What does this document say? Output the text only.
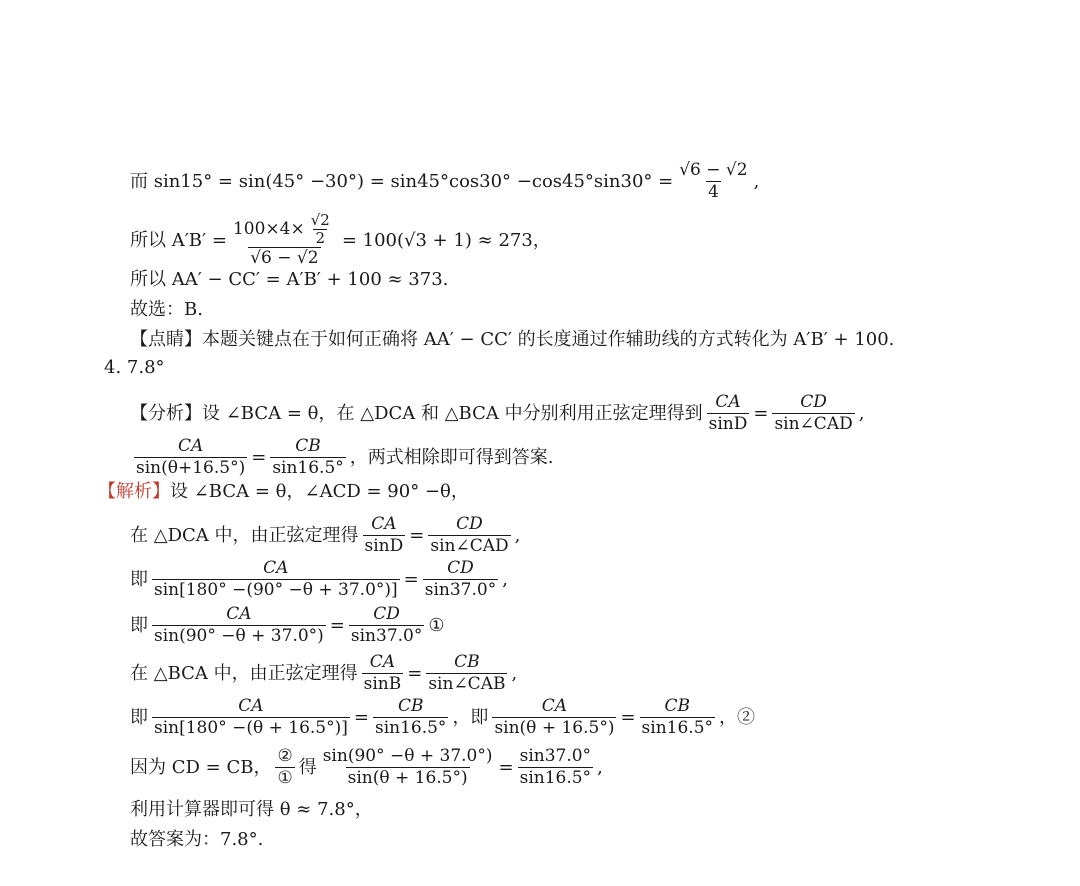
而 $\sin 15^\circ = \sin(45^\circ -30^\circ) = \sin 45^\circ\cos 30^\circ -\cos 45^\circ\sin 30^\circ = \frac{√6 - √2}{4}$ ,
所以 $A'B' = \frac{100\times 4\times \frac{√2}{2}}{√6 - √2} = 100(√3 + 1) \approx 273$，
所以 AA′ − CC′ = A′B′ + 100 ≈ 373.
故选：B.
【点睛】本题关键点在于如何正确将 AA′ − CC′ 的长度通过作辅助线的方式转化为 A′B′ + 100.
4. 7.8°
【分析】设 ∠BCA = θ，在 △DCA 和 △BCA 中分别利用正弦定理得到 $\frac{CA}{\sin D} = \frac{CD}{\text{sin∠CAD}}$ ,
$\frac{CA}{\sin(\theta+16.5^\circ)} = \frac{CB}{\sin 16.5^\circ}$ ，两式相除即可得到答案.
【解析】 设 ∠BCA = θ，∠ACD = 90° −θ，
在 △DCA 中，由正弦定理得 $\frac{CA}{\sin D} = \frac{CD}{\text{sin∠CAD}}$ ,
即 $\frac{CA}{\sin[180^\circ -(90^\circ -\theta + 37.0^\circ)]} = \frac{CD}{\sin 37.0^\circ}$ ,
即 $\frac{CA}{\sin(90^\circ -\theta + 37.0^\circ)} = \frac{CD}{\sin 37.0^\circ}$ ①
在 △BCA 中，由正弦定理得 $\frac{CA}{\sin B} = \frac{CB}{\text{sin∠CAB}}$ ,
即 $\frac{CA}{\sin[180^\circ -(\theta + 16.5^\circ)]} = \frac{CB}{\sin 16.5^\circ}$ ，即 $\frac{CA}{\sin(\theta + 16.5^\circ)} = \frac{CB}{\sin 16.5^\circ}$ ，②
因为 CD = CB， $\frac{\text{②}}{\text{①}}$ 得 $\frac{\sin(90^\circ -\theta + 37.0^\circ)}{\sin(\theta + 16.5^\circ)} = \frac{\sin 37.0^\circ}{\sin 16.5^\circ}$ ,
利用计算器即可得 θ ≈ 7.8°，
故答案为：7.8°.
